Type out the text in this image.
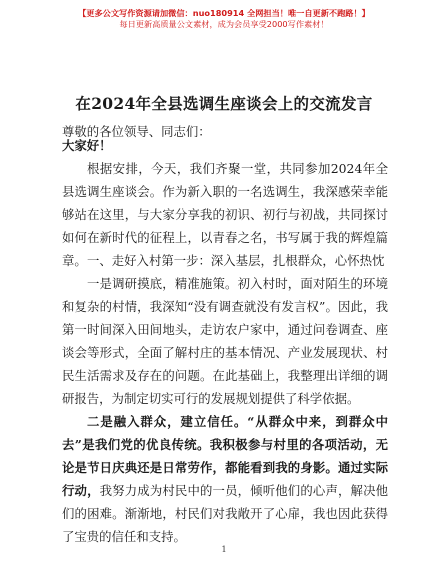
【更多公文写作资源请加微信：nuo180914 全网担当！唯一自更新不跑路！】
每日更新高质量公文素材，成为会员享受2000写作素材！
在2024年全县选调生座谈会上的交流发言
尊敬的各位领导、同志们：
大家好！
根据安排，今天，我们齐聚一堂，共同参加2024年全县选调生座谈会。作为新入职的一名选调生，我深感荣幸能够站在这里，与大家分享我的初识、初行与初战，共同探讨如何在新时代的征程上，以青春之名，书写属于我的辉煌篇章。 一、走好入村第一步：深入基层，扎根群众，心怀热忱
一是调研摸底，精准施策。初入村时，面对陌生的环境和复杂的村情，我深知“没有调查就没有发言权”。因此，我第一时间深入田间地头，走访农户家中，通过问卷调查、座谈会等形式，全面了解村庄的基本情况、产业发展现状、村民生活需求及存在的问题。在此基础上，我整理出详细的调研报告，为制定切实可行的发展规划提供了科学依据。
二是融入群众，建立信任。“从群众中来，到群众中去”是我们党的优良传统。我积极参与村里的各项活动，无论是节日庆典还是日常劳作，都能看到我的身影。通过实际行动，我努力成为村民中的一员，倾听他们的心声，解决他们的困难。渐渐地，村民们对我敞开了心扉，我也因此获得了宝贵的信任和支持。
1
